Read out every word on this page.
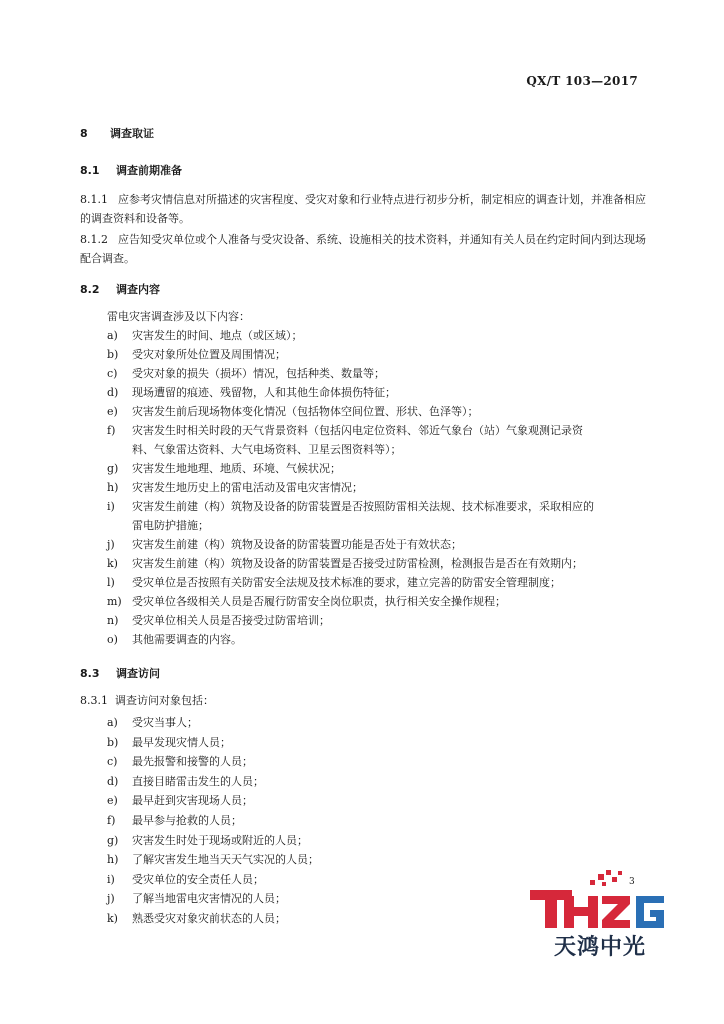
QX/T 103—2017
8 调查取证
8.1 调查前期准备
8.1.1 应参考灾情信息对所描述的灾害程度、受灾对象和行业特点进行初步分析，制定相应的调查计划，并准备相应的调查资料和设备等。
8.1.2 应告知受灾单位或个人准备与受灾设备、系统、设施相关的技术资料，并通知有关人员在约定时间内到达现场配合调查。
8.2 调查内容
雷电灾害调查涉及以下内容：
a) 灾害发生的时间、地点（或区域）；
b) 受灾对象所处位置及周围情况；
c) 受灾对象的损失（损坏）情况，包括种类、数量等；
d) 现场遭留的痕迹、残留物，人和其他生命体损伤特征；
e) 灾害发生前后现场物体变化情况（包括物体空间位置、形状、色泽等）；
f) 灾害发生时相关时段的天气背景资料（包括闪电定位资料、邻近气象台（站）气象观测记录资
料、气象雷达资料、大气电场资料、卫星云图资料等）；
g) 灾害发生地地理、地质、环境、气候状况；
h) 灾害发生地历史上的雷电活动及雷电灾害情况；
i) 灾害发生前建（构）筑物及设备的防雷装置是否按照防雷相关法规、技术标准要求，采取相应的
雷电防护措施；
j) 灾害发生前建（构）筑物及设备的防雷装置功能是否处于有效状态；
k) 灾害发生前建（构）筑物及设备的防雷装置是否接受过防雷检测，检测报告是否在有效期内；
l) 受灾单位是否按照有关防雷安全法规及技术标准的要求，建立完善的防雷安全管理制度；
m) 受灾单位各级相关人员是否履行防雷安全岗位职责，执行相关安全操作规程；
n) 受灾单位相关人员是否接受过防雷培训；
o) 其他需要调查的内容。
8.3 调查访问
8.3.1 调查访问对象包括：
a) 受灾当事人；
b) 最早发现灾情人员；
c) 最先报警和接警的人员；
d) 直接目睹雷击发生的人员；
e) 最早赶到灾害现场人员；
f) 最早参与抢救的人员；
g) 灾害发生时处于现场或附近的人员；
h) 了解灾害发生地当天天气实况的人员；
i) 受灾单位的安全责任人员；
j) 了解当地雷电灾害情况的人员；
k) 熟悉受灾对象灾前状态的人员；
3
天鸿中光
